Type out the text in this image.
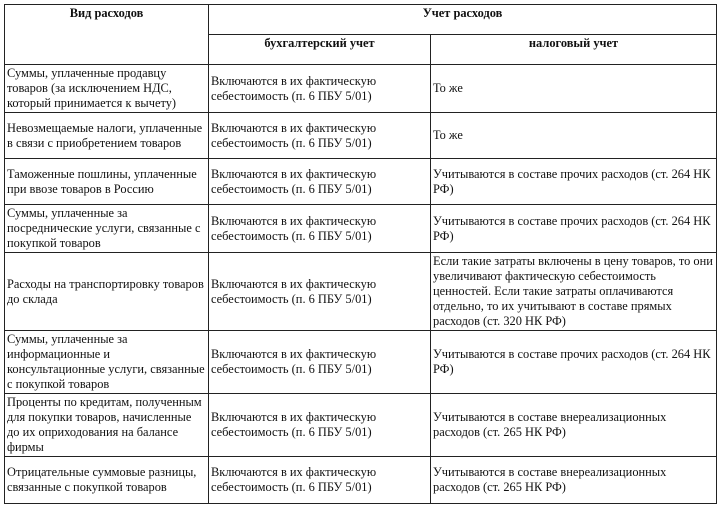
Вид расходов	Учет расходов	
	бухгалтерский учет	налоговый учет
Суммы, уплаченные продавцу товаров (за исключением НДС, который принимается к вычету)	Включаются в их фактическую себестоимость (п. 6 ПБУ 5/01)	То же
Невозмещаемые налоги, уплаченные в связи с приобретением товаров	Включаются в их фактическую себестоимость (п. 6 ПБУ 5/01)	То же
Таможенные пошлины, уплаченные при ввозе товаров в Россию	Включаются в их фактическую себестоимость (п. 6 ПБУ 5/01)	Учитываются в составе прочих расходов (ст. 264 НК РФ)
Суммы, уплаченные за посреднические услуги, связанные с покупкой товаров	Включаются в их фактическую себестоимость (п. 6 ПБУ 5/01)	Учитываются в составе прочих расходов (ст. 264 НК РФ)
Расходы на транспортировку товаров до склада	Включаются в их фактическую себестоимость (п. 6 ПБУ 5/01)	Если такие затраты включены в цену товаров, то они увеличивают фактическую себестоимость ценностей. Если такие затраты оплачиваются отдельно, то их учитывают в составе прямых расходов (ст. 320 НК РФ)
Суммы, уплаченные за информационные и консультационные услуги, связанные с покупкой товаров	Включаются в их фактическую себестоимость (п. 6 ПБУ 5/01)	Учитываются в составе прочих расходов (ст. 264 НК РФ)
Проценты по кредитам, полученным для покупки товаров, начисленные до их оприходования на балансе фирмы	Включаются в их фактическую себестоимость (п. 6 ПБУ 5/01)	Учитываются в составе внереализационных расходов (ст. 265 НК РФ)
Отрицательные суммовые разницы, связанные с покупкой товаров	Включаются в их фактическую себестоимость (п. 6 ПБУ 5/01)	Учитываются в составе внереализационных расходов (ст. 265 НК РФ)
